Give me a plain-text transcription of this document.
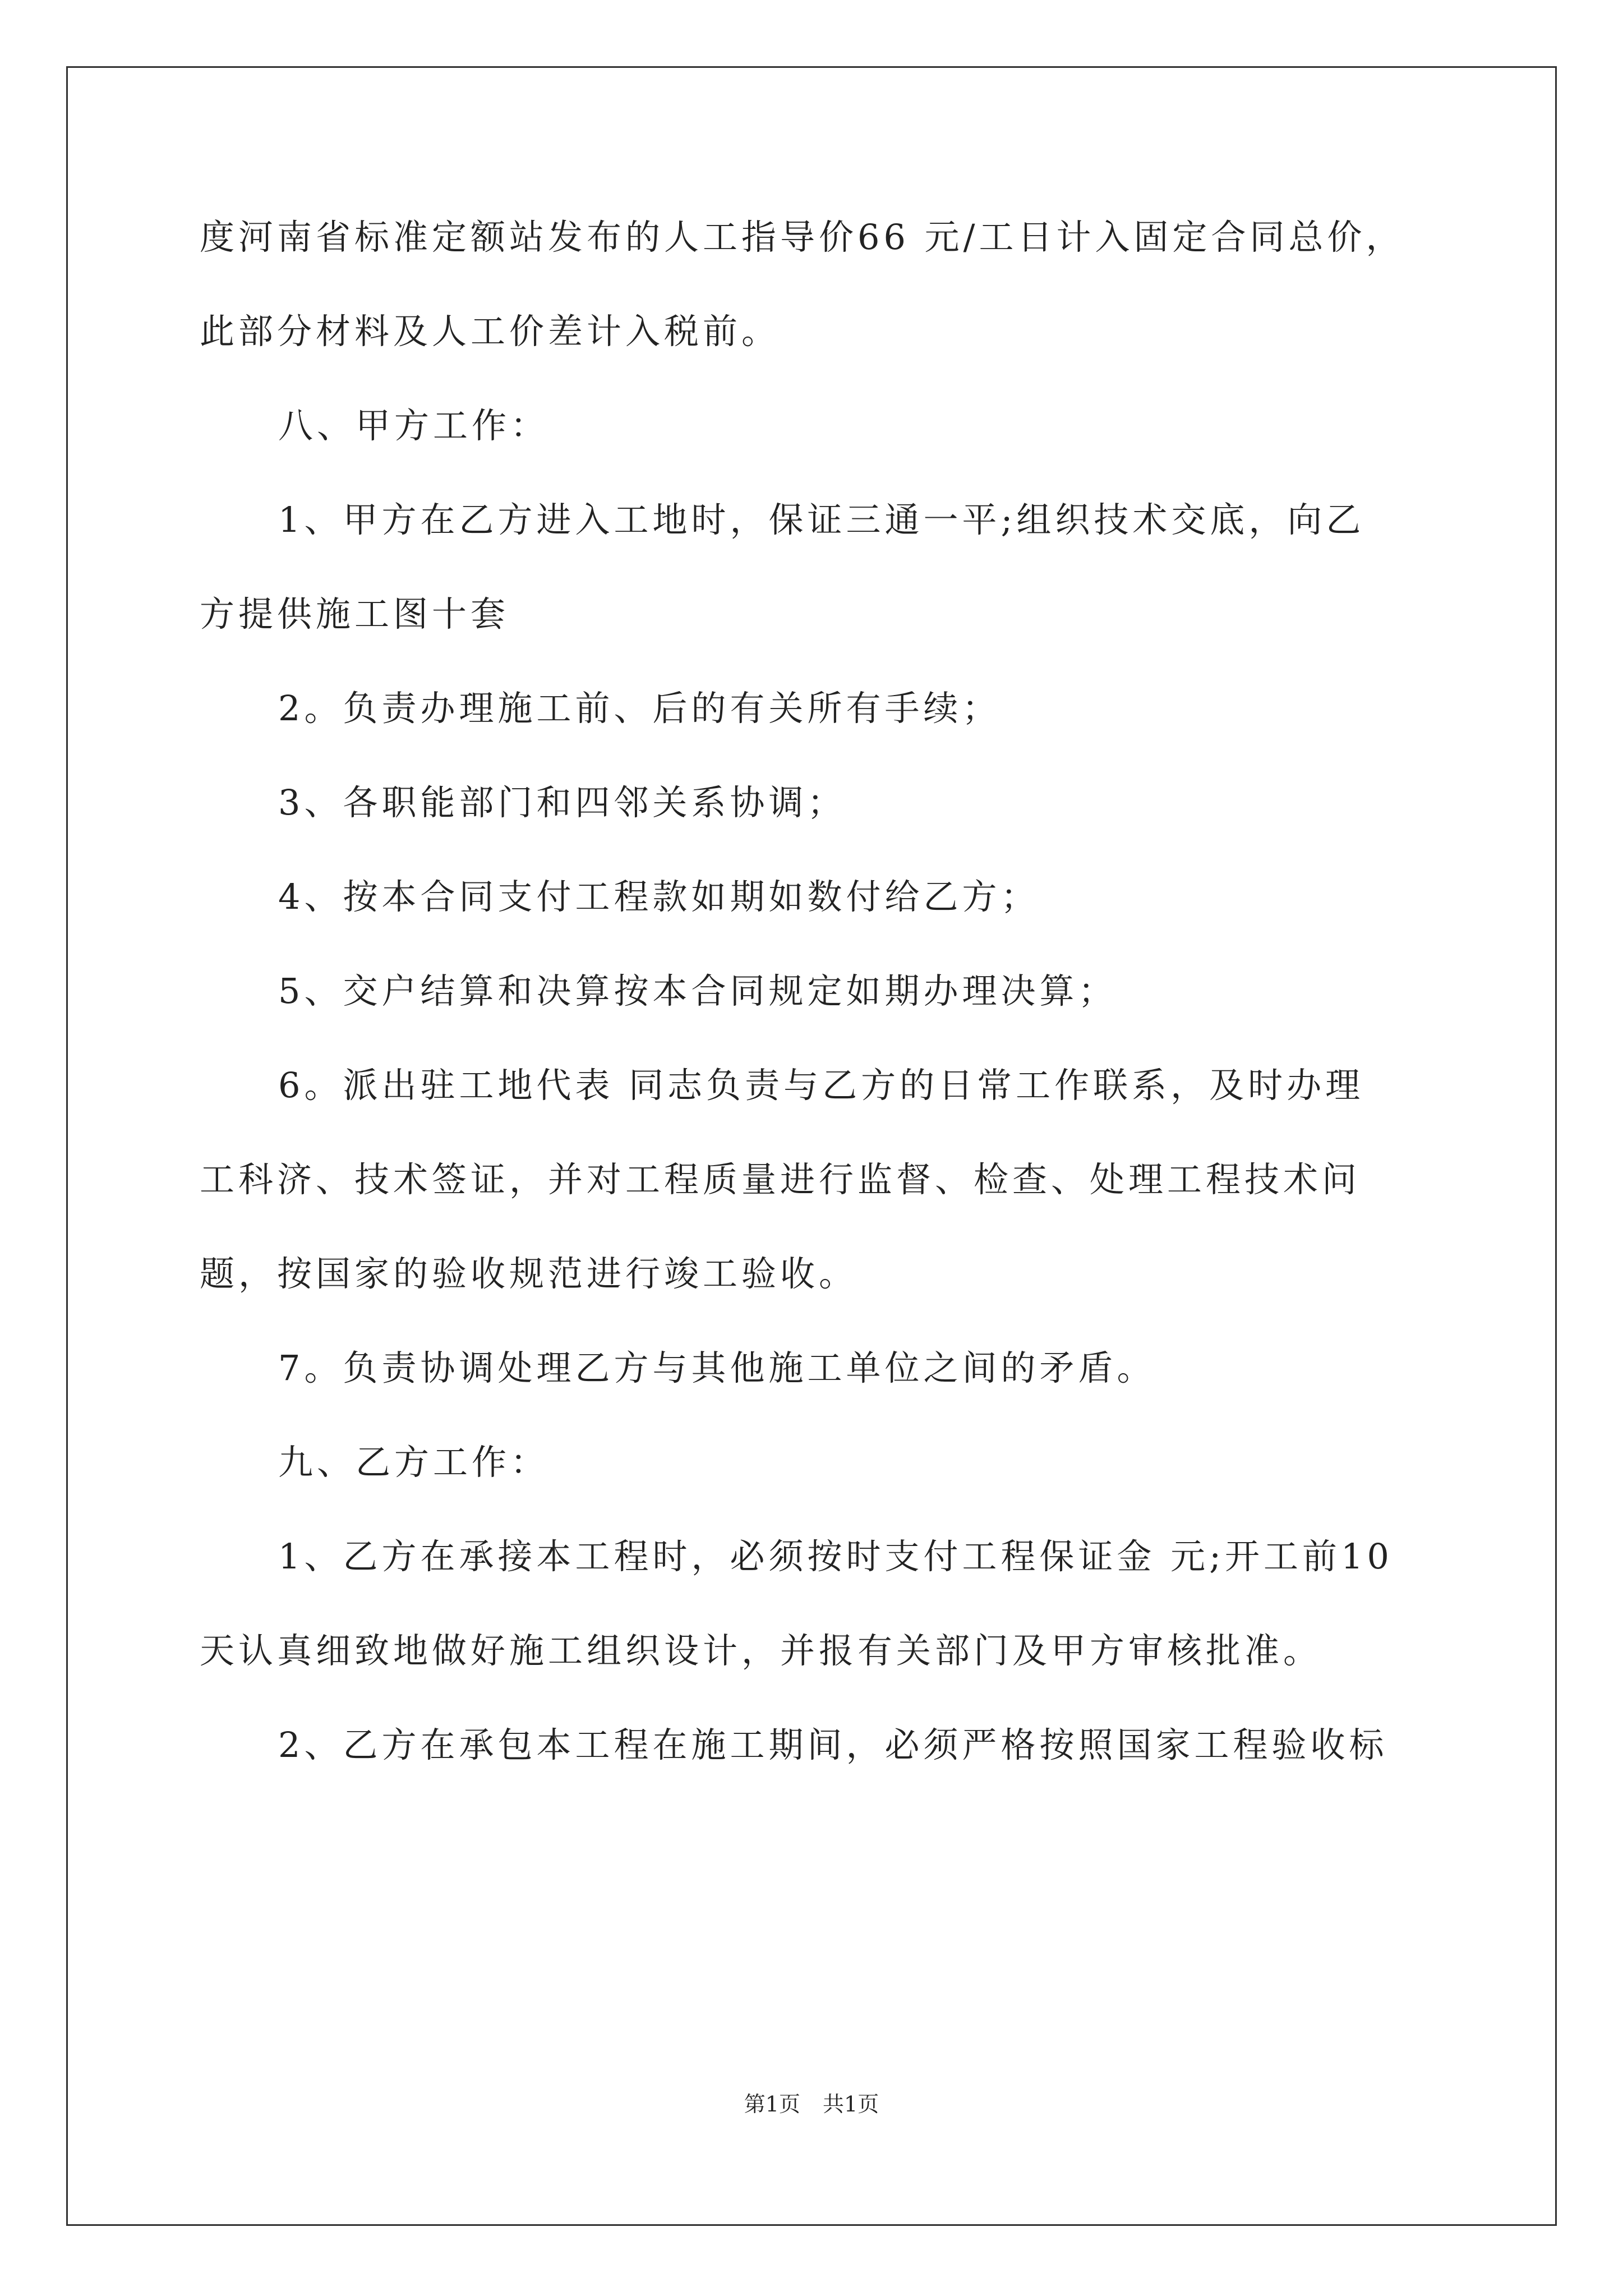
度河南省标准定额站发布的人工指导价66 元/工日计入固定合同总价，
此部分材料及人工价差计入税前。
八、甲方工作：
1、甲方在乙方进入工地时，保证三通一平;组织技术交底，向乙
方提供施工图十套
2。负责办理施工前、后的有关所有手续；
3、各职能部门和四邻关系协调；
4、按本合同支付工程款如期如数付给乙方；
5、交户结算和决算按本合同规定如期办理决算；
6。派出驻工地代表 同志负责与乙方的日常工作联系，及时办理
工科济、技术签证，并对工程质量进行监督、检查、处理工程技术问
题，按国家的验收规范进行竣工验收。
7。负责协调处理乙方与其他施工单位之间的矛盾。
九、乙方工作：
1、乙方在承接本工程时，必须按时支付工程保证金 元;开工前10
天认真细致地做好施工组织设计，并报有关部门及甲方审核批准。
2、乙方在承包本工程在施工期间，必须严格按照国家工程验收标
第1页 共1页
